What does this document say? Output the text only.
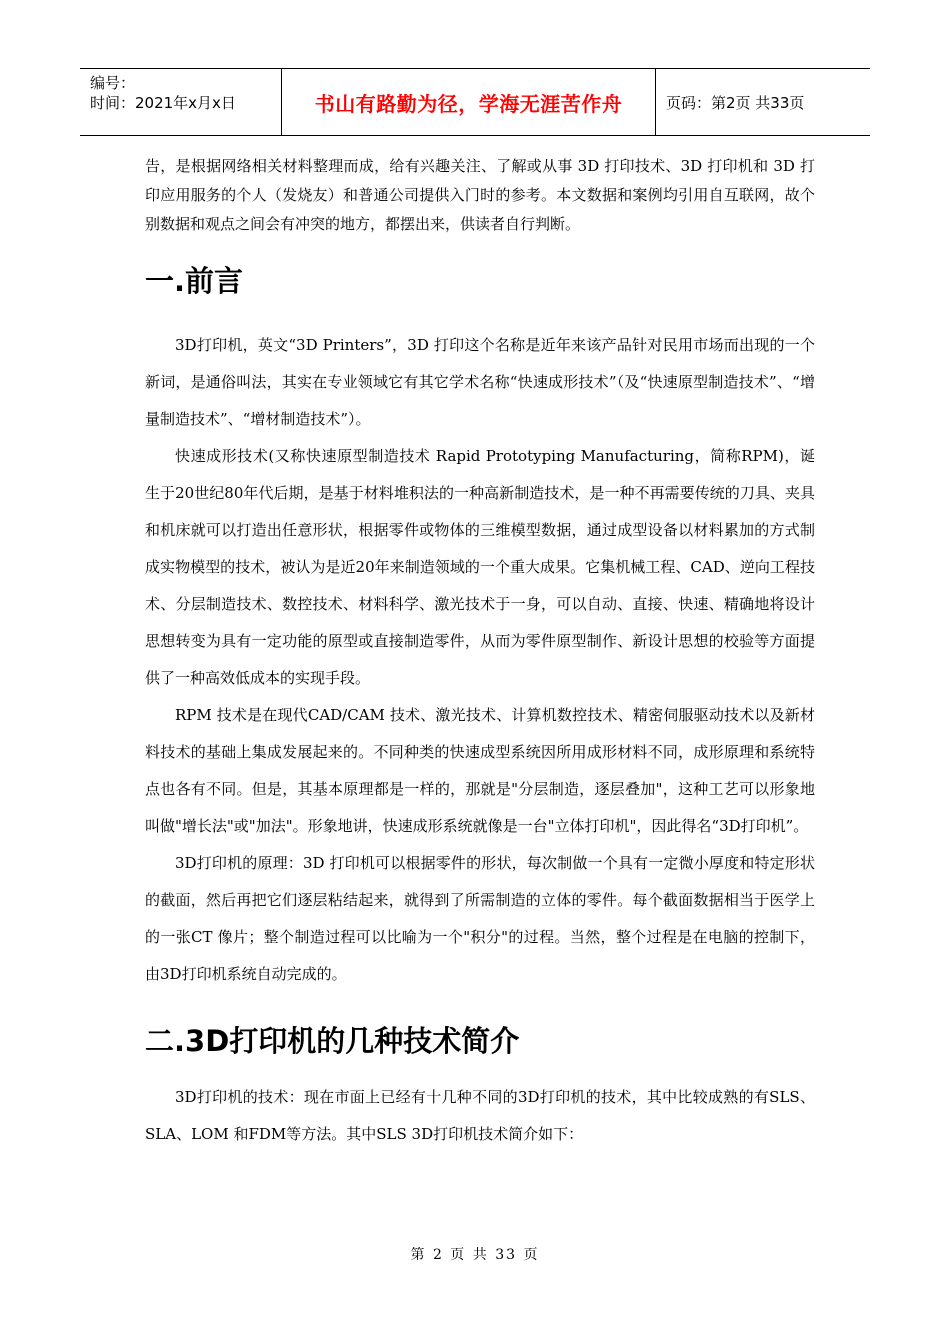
编号：
时间：2021年x月x日	书山有路勤为径，学海无涯苦作舟	页码：第2页 共33页

告，是根据网络相关材料整理而成，给有兴趣关注、了解或从事 3D 打印技术、3D 打印机和 3D 打印应用服务的个人（发烧友）和普通公司提供入门时的参考。本文数据和案例均引用自互联网，故个别数据和观点之间会有冲突的地方，都摆出来，供读者自行判断。

一.前言

3D打印机，英文“3D Printers”，3D 打印这个名称是近年来该产品针对民用市场而出现的一个新词，是通俗叫法，其实在专业领域它有其它学术名称“快速成形技术”（及“快速原型制造技术”、“增量制造技术”、“增材制造技术”）。

快速成形技术(又称快速原型制造技术 Rapid Prototyping Manufacturing，简称RPM)，诞生于20世纪80年代后期，是基于材料堆积法的一种高新制造技术，是一种不再需要传统的刀具、夹具和机床就可以打造出任意形状，根据零件或物体的三维模型数据，通过成型设备以材料累加的方式制成实物模型的技术，被认为是近20年来制造领域的一个重大成果。它集机械工程、CAD、逆向工程技术、分层制造技术、数控技术、材料科学、激光技术于一身，可以自动、直接、快速、精确地将设计思想转变为具有一定功能的原型或直接制造零件，从而为零件原型制作、新设计思想的校验等方面提供了一种高效低成本的实现手段。

RPM 技术是在现代CAD/CAM 技术、激光技术、计算机数控技术、精密伺服驱动技术以及新材料技术的基础上集成发展起来的。不同种类的快速成型系统因所用成形材料不同，成形原理和系统特点也各有不同。但是，其基本原理都是一样的，那就是"分层制造，逐层叠加"，这种工艺可以形象地叫做"增长法"或"加法"。形象地讲，快速成形系统就像是一台"立体打印机"，因此得名“3D打印机”。

3D打印机的原理：3D 打印机可以根据零件的形状，每次制做一个具有一定微小厚度和特定形状的截面，然后再把它们逐层粘结起来，就得到了所需制造的立体的零件。每个截面数据相当于医学上的一张CT 像片；整个制造过程可以比喻为一个"积分"的过程。当然，整个过程是在电脑的控制下，由3D打印机系统自动完成的。

二.3D打印机的几种技术简介

3D打印机的技术：现在市面上已经有十几种不同的3D打印机的技术，其中比较成熟的有SLS、SLA、LOM 和FDM等方法。其中SLS 3D打印机技术简介如下：

第 2 页 共 33 页
